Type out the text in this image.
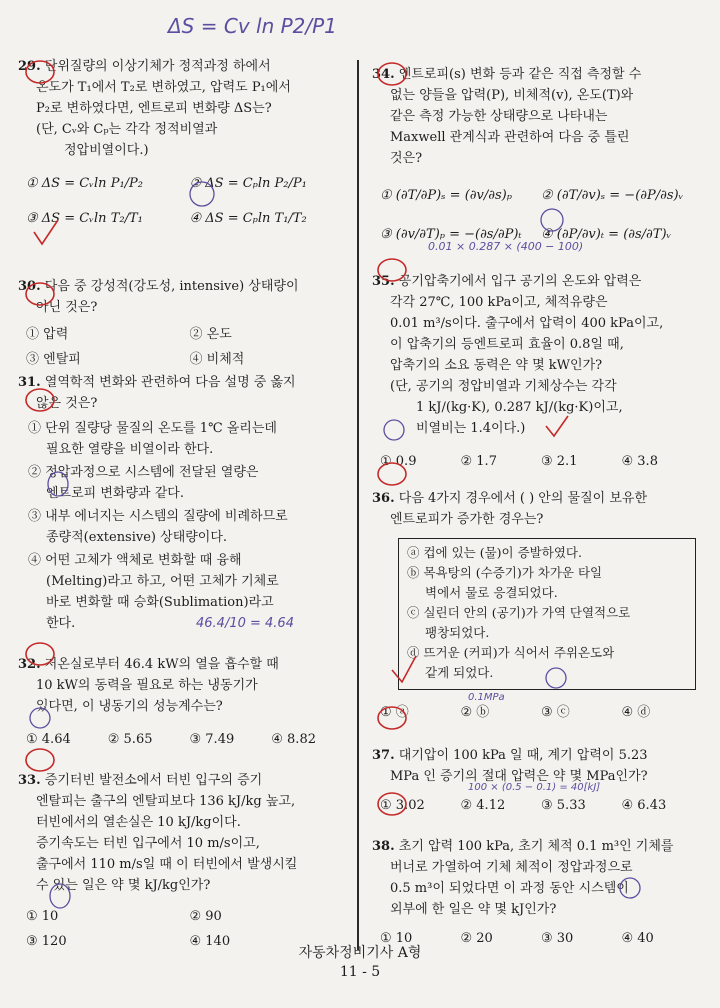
ΔS = Cv ln P2/P1
0.01 × 0.287 × (400 − 100)
46.4/10 = 4.64
0.1MPa
100 × (0.5 − 0.1) = 40[kJ]
29. 단위질량의 이상기체가 정적과정 하에서
온도가 T₁에서 T₂로 변하였고, 압력도 P₁에서
P₂로 변하였다면, 엔트로피 변화량 ΔS는?
(단, Cᵥ와 Cₚ는 각각 정적비열과
정압비열이다.)
① ΔS = Cᵥln P₁/P₂	② ΔS = Cₚln P₂/P₁
③ ΔS = Cᵥln T₂/T₁	④ ΔS = Cₚln T₁/T₂
30. 다음 중 강성적(강도성, intensive) 상태량이
아닌 것은?
① 압력	② 온도
③ 엔탈피	④ 비체적
31. 열역학적 변화와 관련하여 다음 설명 중 옳지
않은 것은?
① 단위 질량당 물질의 온도를 1℃ 올리는데
필요한 열량을 비열이라 한다.
② 정압과정으로 시스템에 전달된 열량은
엔트로피 변화량과 같다.
③ 내부 에너지는 시스템의 질량에 비례하므로
종량적(extensive) 상태량이다.
④ 어떤 고체가 액체로 변화할 때 융해
(Melting)라고 하고, 어떤 고체가 기체로
바로 변화할 때 승화(Sublimation)라고
한다.
32. 저온실로부터 46.4 kW의 열을 흡수할 때
10 kW의 동력을 필요로 하는 냉동기가
있다면, 이 냉동기의 성능계수는?
① 4.64	② 5.65	③ 7.49	④ 8.82
33. 증기터빈 발전소에서 터빈 입구의 증기
엔탈피는 출구의 엔탈피보다 136 kJ/kg 높고,
터빈에서의 열손실은 10 kJ/kg이다.
증기속도는 터빈 입구에서 10 m/s이고,
출구에서 110 m/s일 때 이 터빈에서 발생시킬
수 있는 일은 약 몇 kJ/kg인가?
① 10	② 90
③ 120	④ 140
34. 엔트로피(s) 변화 등과 같은 직접 측정할 수
없는 양들을 압력(P), 비체적(v), 온도(T)와
같은 측정 가능한 상태량으로 나타내는
Maxwell 관계식과 관련하여 다음 중 틀린
것은?
① (∂T/∂P)ₛ = (∂v/∂s)ₚ	② (∂T/∂v)ₛ = −(∂P/∂s)ᵥ
③ (∂v/∂T)ₚ = −(∂s/∂P)ₜ	④ (∂P/∂v)ₜ = (∂s/∂T)ᵥ
35. 공기압축기에서 입구 공기의 온도와 압력은
각각 27℃, 100 kPa이고, 체적유량은
0.01 m³/s이다. 출구에서 압력이 400 kPa이고,
이 압축기의 등엔트로피 효율이 0.8일 때,
압축기의 소요 동력은 약 몇 kW인가?
(단, 공기의 정압비열과 기체상수는 각각
1 kJ/(kg·K), 0.287 kJ/(kg·K)이고,
비열비는 1.4이다.)
① 0.9	② 1.7	③ 2.1	④ 3.8
36. 다음 4가지 경우에서 ( ) 안의 물질이 보유한
엔트로피가 증가한 경우는?
ⓐ 컵에 있는 (물)이 증발하였다.
ⓑ 목욕탕의 (수증기)가 차가운 타일
벽에서 물로 응결되었다.
ⓒ 실린더 안의 (공기)가 가역 단열적으로
팽창되었다.
ⓓ 뜨거운 (커피)가 식어서 주위온도와
같게 되었다.
① ⓐ	② ⓑ	③ ⓒ	④ ⓓ
37. 대기압이 100 kPa 일 때, 계기 압력이 5.23
MPa 인 증기의 절대 압력은 약 몇 MPa인가?
① 3.02	② 4.12	③ 5.33	④ 6.43
38. 초기 압력 100 kPa, 초기 체적 0.1 m³인 기체를
버너로 가열하여 기체 체적이 정압과정으로
0.5 m³이 되었다면 이 과정 동안 시스템이
외부에 한 일은 약 몇 kJ인가?
① 10	② 20	③ 30	④ 40
자동차정비기사 A형
11 - 5
